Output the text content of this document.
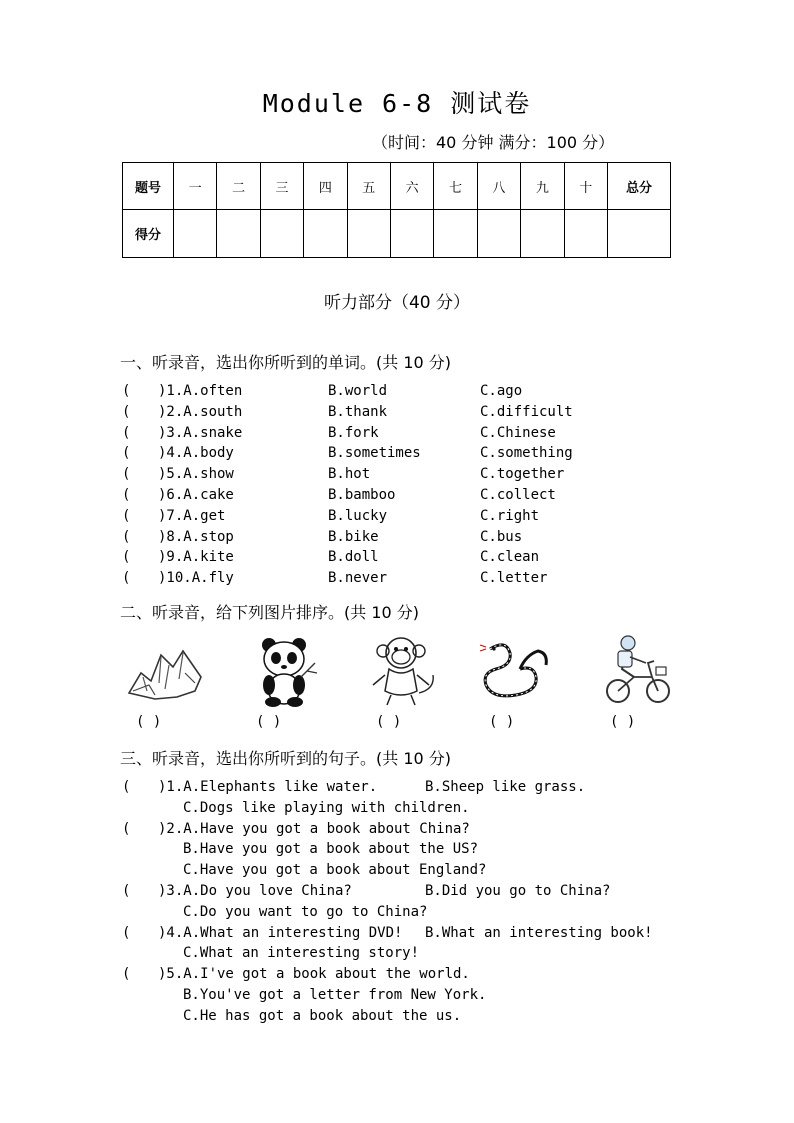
Module 6-8 测试卷
（时间：40 分钟 满分：100 分）
题号	一	二	三	四	五	六	七	八	九	十	总分
得分											
听力部分（40 分）
一、听录音，选出你所听到的单词。(共 10 分)
( )1.A.often	B.world	C.ago
( )2.A.south	B.thank	C.difficult
( )3.A.snake	B.fork	C.Chinese
( )4.A.body	B.sometimes	C.something
( )5.A.show	B.hot	C.together
( )6.A.cake	B.bamboo	C.collect
( )7.A.get	B.lucky	C.right
( )8.A.stop	B.bike	C.bus
( )9.A.kite	B.doll	C.clean
( )10.A.fly	B.never	C.letter
二、听录音，给下列图片排序。(共 10 分)
( )	( )	( )	( )	( )
三、听录音，选出你所听到的句子。(共 10 分)
( )1.A.Elephants like water.	B.Sheep like grass.
C.Dogs like playing with children.
( )2.A.Have you got a book about China?
B.Have you got a book about the US?
C.Have you got a book about England?
( )3.A.Do you love China?	B.Did you go to China?
C.Do you want to go to China?
( )4.A.What an interesting DVD! B.What an interesting book!
C.What an interesting story!
( )5.A.I've got a book about the world.
B.You've got a letter from New York.
C.He has got a book about the us.
